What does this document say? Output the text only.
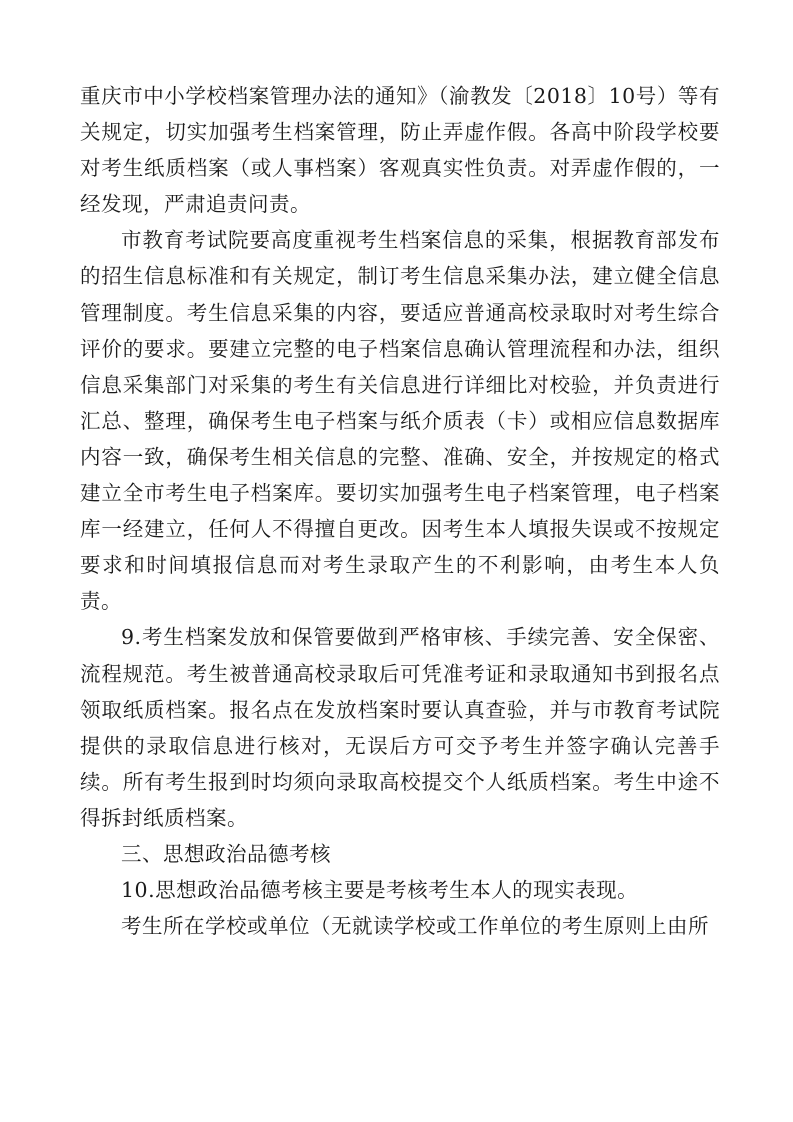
重庆市中小学校档案管理办法的通知》（渝教发〔2018〕10号）等有关规定，切实加强考生档案管理，防止弄虚作假。各高中阶段学校要对考生纸质档案（或人事档案）客观真实性负责。对弄虚作假的，一经发现，严肃追责问责。

市教育考试院要高度重视考生档案信息的采集，根据教育部发布的招生信息标准和有关规定，制订考生信息采集办法，建立健全信息管理制度。考生信息采集的内容，要适应普通高校录取时对考生综合评价的要求。要建立完整的电子档案信息确认管理流程和办法，组织信息采集部门对采集的考生有关信息进行详细比对校验，并负责进行汇总、整理，确保考生电子档案与纸介质表（卡）或相应信息数据库内容一致，确保考生相关信息的完整、准确、安全，并按规定的格式建立全市考生电子档案库。要切实加强考生电子档案管理，电子档案库一经建立，任何人不得擅自更改。因考生本人填报失误或不按规定要求和时间填报信息而对考生录取产生的不利影响，由考生本人负责。

9.考生档案发放和保管要做到严格审核、手续完善、安全保密、流程规范。考生被普通高校录取后可凭准考证和录取通知书到报名点领取纸质档案。报名点在发放档案时要认真查验，并与市教育考试院提供的录取信息进行核对，无误后方可交予考生并签字确认完善手续。所有考生报到时均须向录取高校提交个人纸质档案。考生中途不得拆封纸质档案。

三、思想政治品德考核

10.思想政治品德考核主要是考核考生本人的现实表现。

考生所在学校或单位（无就读学校或工作单位的考生原则上由所
